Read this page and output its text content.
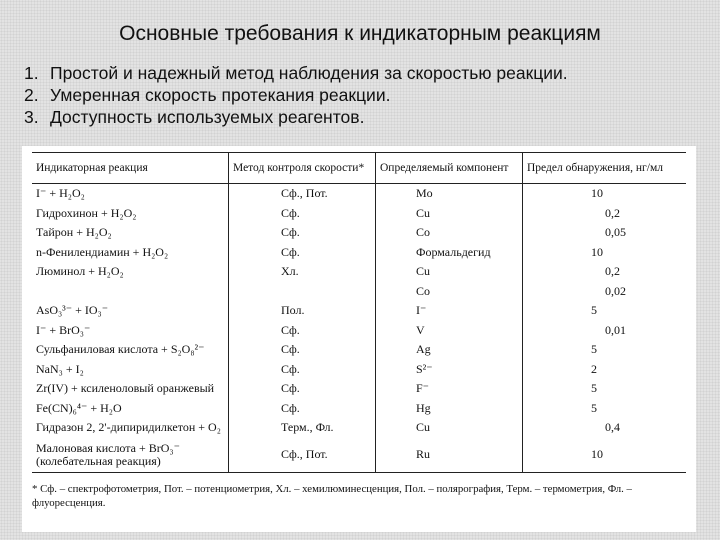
Основные требования к индикаторным реакциям
1. Простой и надежный метод наблюдения за скоростью реакции.
2. Умеренная скорость протекания реакции.
3. Доступность используемых реагентов.
Индикаторная реакция	Метод контроля скорости*	Определяемый компонент	Предел обнаружения, нг/мл
I⁻ + H₂O₂	Сф., Пот.	Mo	10
Гидрохинон + H₂O₂	Сф.	Cu	0,2
Тайрон + H₂O₂	Сф.	Co	0,05
n-Фенилендиамин + H₂O₂	Сф.	Формальдегид	10
Люминол + H₂O₂	Хл.	Cu	0,2
		Co	0,02
AsO₃³⁻ + IO₃⁻	Пол.	I⁻	5
I⁻ + BrO₃⁻	Сф.	V	0,01
Сульфаниловая кислота + S₂O₈²⁻	Сф.	Ag	5
NaN₃ + I₂	Сф.	S²⁻	2
Zr(IV) + ксиленоловый оранжевый	Сф.	F⁻	5
Fe(CN)₆⁴⁻ + H₂O	Сф.	Hg	5
Гидразон 2, 2'-дипиридилкетон + O₂	Терм., Фл.	Cu	0,4
Малоновая кислота + BrO₃⁻ (колебательная реакция)	Сф., Пот.	Ru	10
* Сф. – спектрофотометрия, Пот. – потенциометрия, Хл. – хемилюминесценция, Пол. – полярография, Терм. – термометрия, Фл. – флуоресценция.
